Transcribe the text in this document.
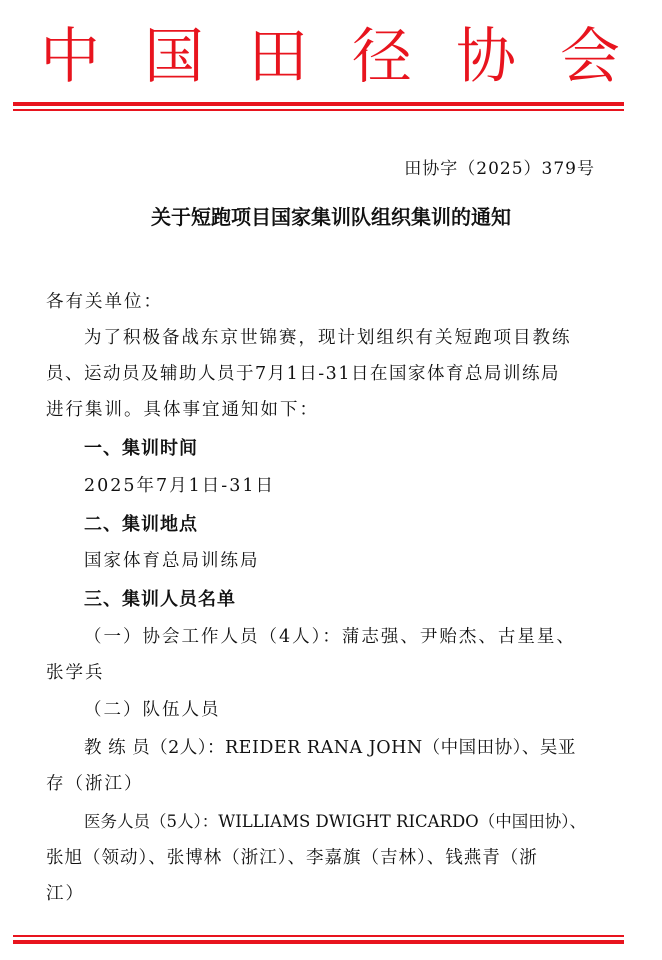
中 国 田 径 协 会
田协字（2025）379号
关于短跑项目国家集训队组织集训的通知
各有关单位：
为了积极备战东京世锦赛，现计划组织有关短跑项目教练
员、运动员及辅助人员于7月1日-31日在国家体育总局训练局
进行集训。具体事宜通知如下：
一、集训时间
2025年7月1日-31日
二、集训地点
国家体育总局训练局
三、集训人员名单
（一）协会工作人员（4人）：蒲志强、尹贻杰、古星星、
张学兵
（二）队伍人员
教 练 员（2人）：REIDER RANA JOHN（中国田协）、吴亚
存（浙江）
医务人员（5人）：WILLIAMS DWIGHT RICARDO（中国田协）、
张旭（领动）、张博林（浙江）、李嘉旗（吉林）、钱燕青（浙
江）
